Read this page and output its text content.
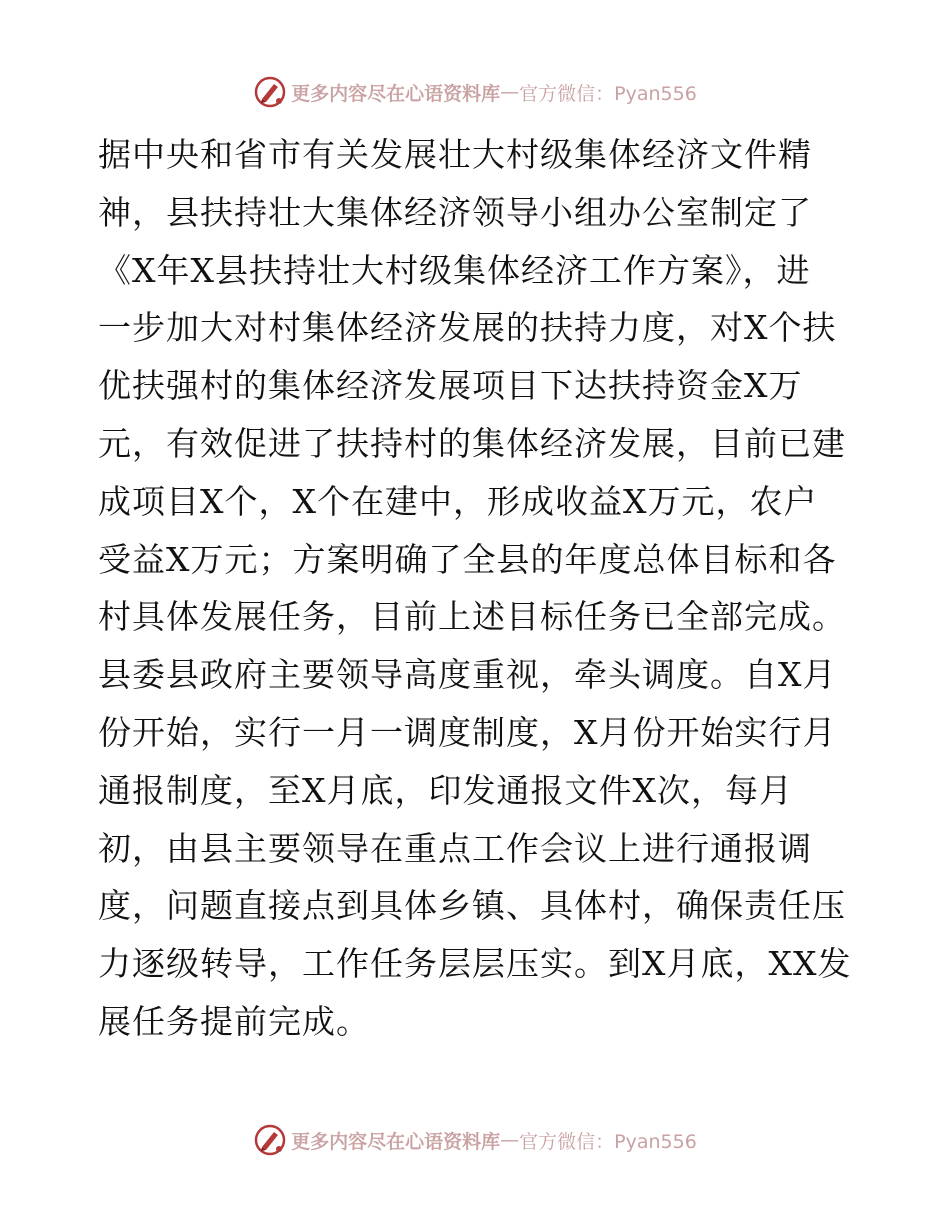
更多内容尽在心语资料库 — 官方微信：Pyan556
据中央和省市有关发展壮大村级集体经济文件精
神，县扶持壮大集体经济领导小组办公室制定了
《X年X县扶持壮大村级集体经济工作方案》，进
一步加大对村集体经济发展的扶持力度，对X个扶
优扶强村的集体经济发展项目下达扶持资金X万
元，有效促进了扶持村的集体经济发展，目前已建
成项目X个，X个在建中，形成收益X万元，农户
受益X万元；方案明确了全县的年度总体目标和各
村具体发展任务，目前上述目标任务已全部完成。
县委县政府主要领导高度重视，牵头调度。自X月
份开始，实行一月一调度制度，X月份开始实行月
通报制度，至X月底，印发通报文件X次，每月
初，由县主要领导在重点工作会议上进行通报调
度，问题直接点到具体乡镇、具体村，确保责任压
力逐级转导，工作任务层层压实。到X月底，XX发
展任务提前完成。
更多内容尽在心语资料库 — 官方微信：Pyan556
